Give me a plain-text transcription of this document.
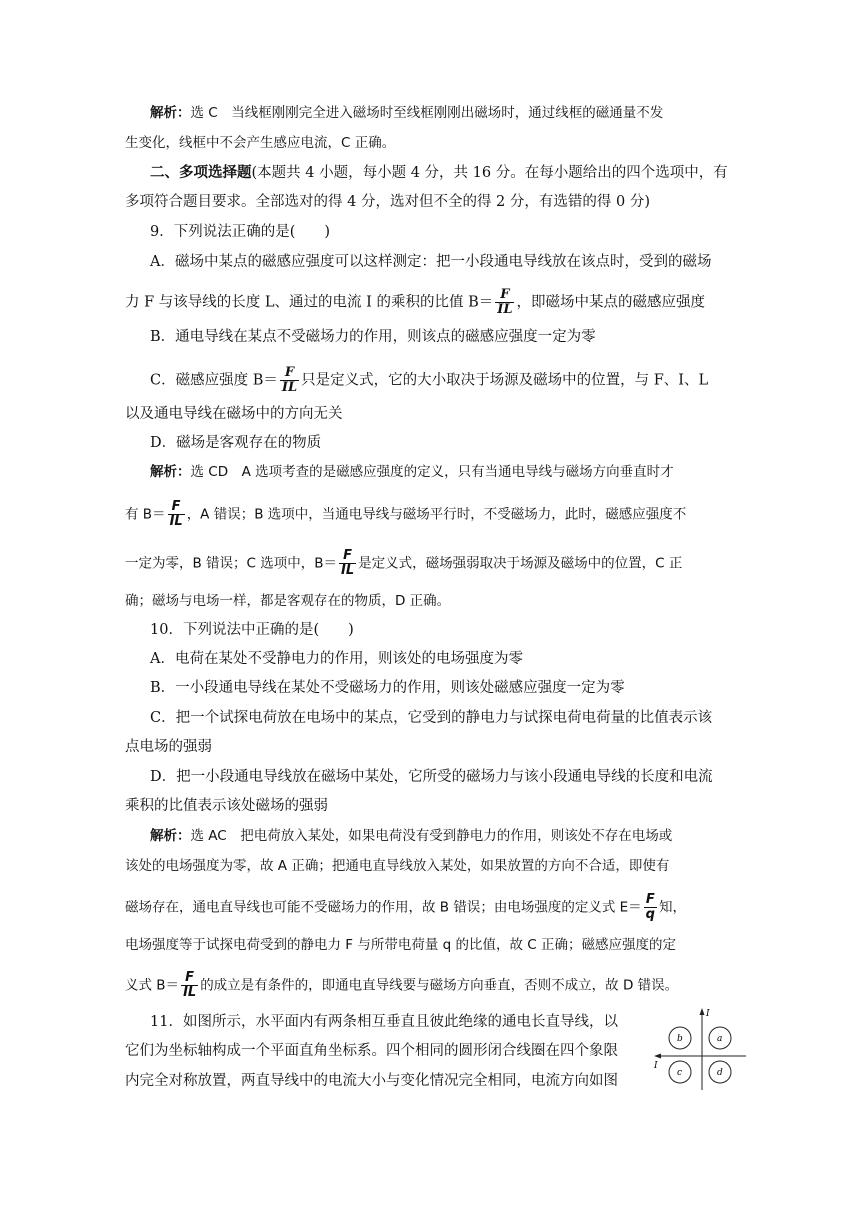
解析：选 C　当线框刚刚完全进入磁场时至线框刚刚出磁场时，通过线框的磁通量不发
生变化，线框中不会产生感应电流，C 正确。
二、多项选择题(本题共 4 小题，每小题 4 分，共 16 分。在每小题给出的四个选项中，有
多项符合题目要求。全部选对的得 4 分，选对但不全的得 2 分，有选错的得 0 分)
9．下列说法正确的是(　　)
A．磁场中某点的磁感应强度可以这样测定：把一小段通电导线放在该点时，受到的磁场
力 F 与该导线的长度 L、通过的电流 I 的乘积的比值 $B= \frac{F}{IL}$ ，即磁场中某点的磁感应强度
B．通电导线在某点不受磁场力的作用，则该点的磁感应强度一定为零
C．磁感应强度 $B= \frac{F}{IL}$ 只是定义式，它的大小取决于场源及磁场中的位置，与 F、I、L
以及通电导线在磁场中的方向无关
D．磁场是客观存在的物质
解析：选 CD　A 选项考查的是磁感应强度的定义，只有当通电导线与磁场方向垂直时才
有 $B= \frac{F}{IL}$ ，A 错误；B 选项中，当通电导线与磁场平行时，不受磁场力，此时，磁感应强度不
一定为零，B 错误；C 选项中，$B= \frac{F}{IL}$ 是定义式，磁场强弱取决于场源及磁场中的位置，C 正
确；磁场与电场一样，都是客观存在的物质，D 正确。
10．下列说法中正确的是(　　)
A．电荷在某处不受静电力的作用，则该处的电场强度为零
B．一小段通电导线在某处不受磁场力的作用，则该处磁感应强度一定为零
C．把一个试探电荷放在电场中的某点，它受到的静电力与试探电荷电荷量的比值表示该
点电场的强弱
D．把一小段通电导线放在磁场中某处，它所受的磁场力与该小段通电导线的长度和电流
乘积的比值表示该处磁场的强弱
解析：选 AC　把电荷放入某处，如果电荷没有受到静电力的作用，则该处不存在电场或
该处的电场强度为零，故 A 正确；把通电直导线放入某处，如果放置的方向不合适，即使有
磁场存在，通电直导线也可能不受磁场力的作用，故 B 错误；由电场强度的定义式 $E= \frac{F}{q}$ 知，
电场强度等于试探电荷受到的静电力 F 与所带电荷量 q 的比值，故 C 正确；磁感应强度的定
义式 $B= \frac{F}{IL}$ 的成立是有条件的，即通电直导线要与磁场方向垂直，否则不成立，故 D 错误。
11．如图所示，水平面内有两条相互垂直且彼此绝缘的通电长直导线，以
它们为坐标轴构成一个平面直角坐标系。四个相同的圆形闭合线圈在四个象限
内完全对称放置，两直导线中的电流大小与变化情况完全相同，电流方向如图
I
I
a
b
c	d
